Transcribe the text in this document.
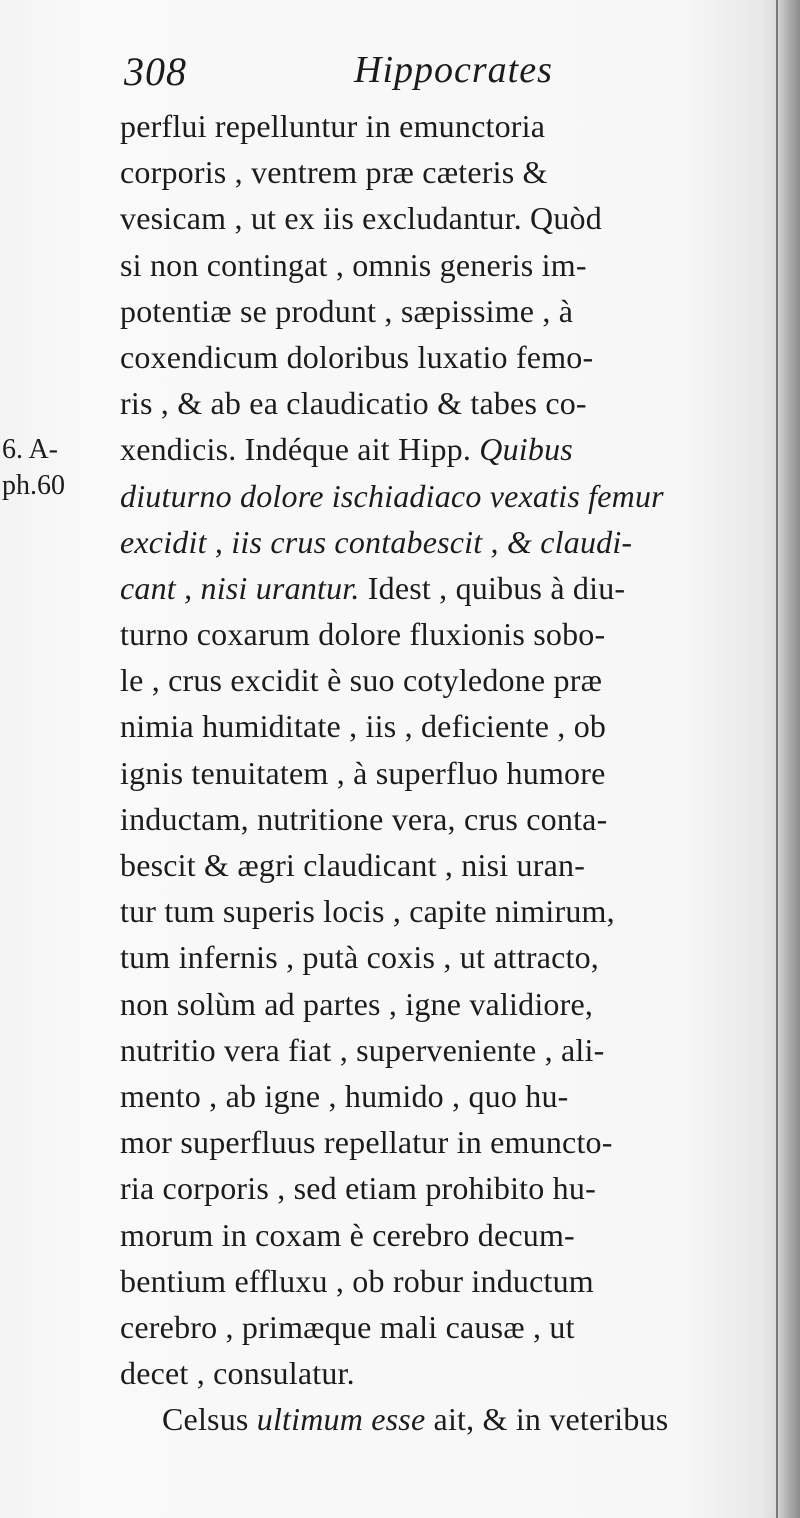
308	Hippocrates
6. A-
ph.60
perflui repelluntur in emunctoria
corporis , ventrem præ cæteris &
vesicam , ut ex iis excludantur. Quòd
si non contingat , omnis generis im-
potentiæ se produnt , sæpissime , à
coxendicum doloribus luxatio femo-
ris , & ab ea claudicatio & tabes co-
xendicis. Indéque ait Hipp. Quibus
diuturno dolore ischiadiaco vexatis femur
excidit , iis crus contabescit , & claudi-
cant , nisi urantur. Idest , quibus à diu-
turno coxarum dolore fluxionis sobo-
le , crus excidit è suo cotyledone præ
nimia humiditate , iis , deficiente , ob
ignis tenuitatem , à superfluo humore
inductam, nutritione vera, crus conta-
bescit & ægri claudicant , nisi uran-
tur tum superis locis , capite nimirum,
tum infernis , putà coxis , ut attracto,
non solùm ad partes , igne validiore,
nutritio vera fiat , superveniente , ali-
mento , ab igne , humido , quo hu-
mor superfluus repellatur in emuncto-
ria corporis , sed etiam prohibito hu-
morum in coxam è cerebro decum-
bentium effluxu , ob robur inductum
cerebro , primæque mali causæ , ut
decet , consulatur.
Celsus ultimum esse ait, & in veteribus
